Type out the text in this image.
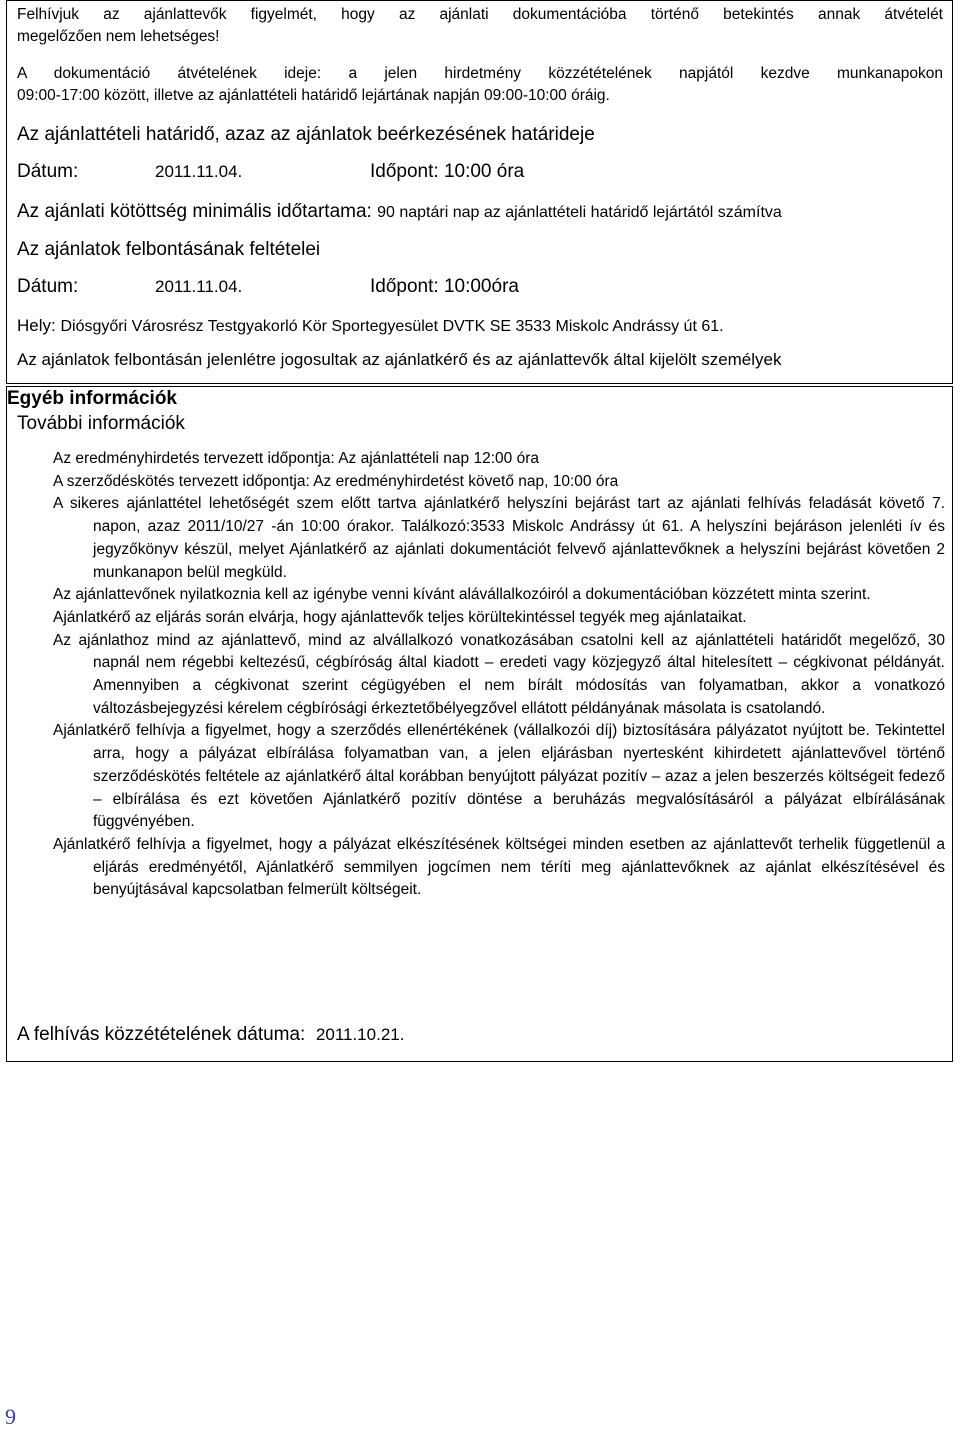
Felhívjuk az ajánlattevők figyelmét, hogy az ajánlati dokumentációba történő betekintés annak átvételét

megelőzően nem lehetséges!

A dokumentáció átvételének ideje: a jelen hirdetmény közzétételének napjától kezdve munkanapokon

09:00-17:00 között, illetve az ajánlattételi határidő lejártának napján 09:00-10:00 óráig.

Az ajánlattételi határidő, azaz az ajánlatok beérkezésének határideje

Dátum:	2011.11.04.	Időpont: 10:00 óra

Az ajánlati kötöttség minimális időtartama: 90 naptári nap az ajánlattételi határidő lejártától számítva

Az ajánlatok felbontásának feltételei

Dátum:	2011.11.04.	Időpont: 10:00óra

Hely: Diósgyőri Városrész Testgyakorló Kör Sportegyesület DVTK SE 3533 Miskolc Andrássy út 61.

Az ajánlatok felbontásán jelenlétre jogosultak az ajánlatkérő és az ajánlattevők által kijelölt személyek

Egyéb információk

További információk

Az eredményhirdetés tervezett időpontja: Az ajánlattételi nap 12:00 óra
A szerződéskötés tervezett időpontja: Az eredményhirdetést követő nap, 10:00 óra
A sikeres ajánlattétel lehetőségét szem előtt tartva ajánlatkérő helyszíni bejárást tart az ajánlati felhívás feladását követő 7. napon, azaz 2011/10/27 -án 10:00 órakor. Találkozó:3533 Miskolc Andrássy út 61. A helyszíni bejáráson jelenléti ív és jegyzőkönyv készül, melyet Ajánlatkérő az ajánlati dokumentációt felvevő ajánlattevőknek a helyszíni bejárást követően 2 munkanapon belül megküld.
Az ajánlattevőnek nyilatkoznia kell az igénybe venni kívánt alávállalkozóiról a dokumentációban közzétett minta szerint.
Ajánlatkérő az eljárás során elvárja, hogy ajánlattevők teljes körültekintéssel tegyék meg ajánlataikat.
Az ajánlathoz mind az ajánlattevő, mind az alvállalkozó vonatkozásában csatolni kell az ajánlattételi határidőt megelőző, 30 napnál nem régebbi keltezésű, cégbíróság által kiadott – eredeti vagy közjegyző által hitelesített – cégkivonat példányát. Amennyiben a cégkivonat szerint cégügyében el nem bírált módosítás van folyamatban, akkor a vonatkozó változásbejegyzési kérelem cégbírósági érkeztetőbélyegzővel ellátott példányának másolata is csatolandó.
Ajánlatkérő felhívja a figyelmet, hogy a szerződés ellenértékének (vállalkozói díj) biztosítására pályázatot nyújtott be. Tekintettel arra, hogy a pályázat elbírálása folyamatban van, a jelen eljárásban nyertesként kihirdetett ajánlattevővel történő szerződéskötés feltétele az ajánlatkérő által korábban benyújtott pályázat pozitív – azaz a jelen beszerzés költségeit fedező – elbírálása és ezt követően Ajánlatkérő pozitív döntése a beruházás megvalósításáról a pályázat elbírálásának függvényében.
Ajánlatkérő felhívja a figyelmet, hogy a pályázat elkészítésének költségei minden esetben az ajánlattevőt terhelik függetlenül a eljárás eredményétől, Ajánlatkérő semmilyen jogcímen nem téríti meg ajánlattevőknek az ajánlat elkészítésével és benyújtásával kapcsolatban felmerült költségeit.

A felhívás közzétételének dátuma: 2011.10.21.

9
